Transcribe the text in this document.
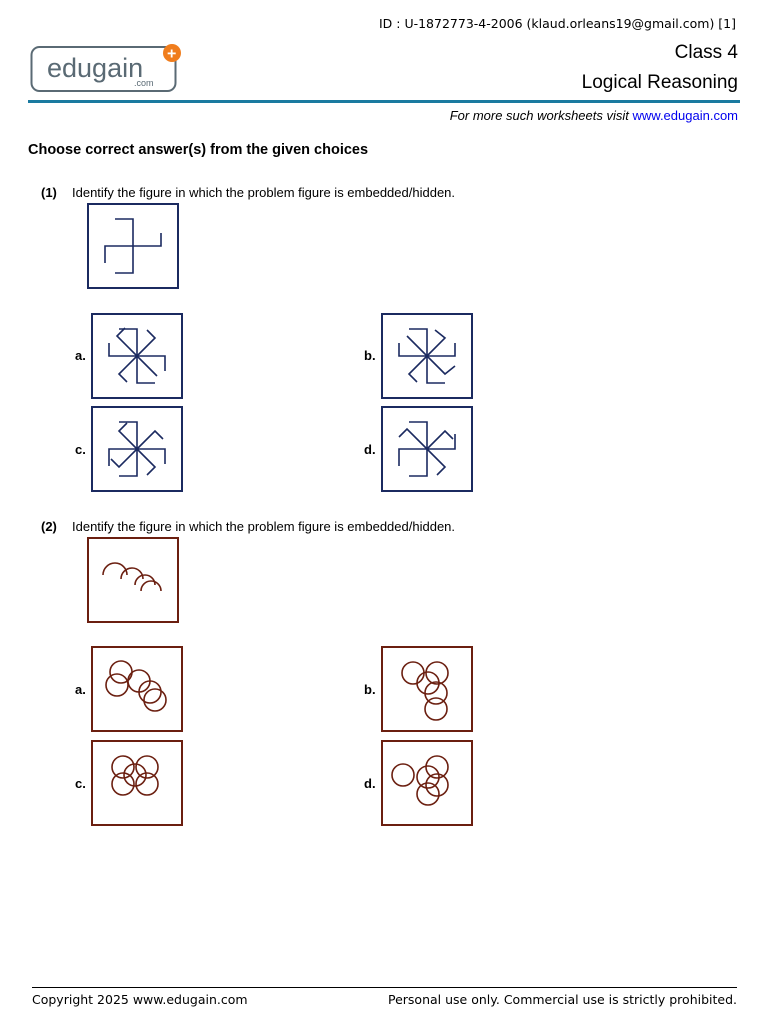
ID : U-1872773-4-2006 (klaud.orleans19@gmail.com) [1]
edugain
.com
+	Class 4
Logical Reasoning
For more such worksheets visit www.edugain.com
Choose correct answer(s) from the given choices
(1) Identify the figure in which the problem figure is embedded/hidden.
a.	b.
c.	d.
(2) Identify the figure in which the problem figure is embedded/hidden.
a.	b.
c.	d.
Copyright 2025 www.edugain.com	Personal use only. Commercial use is strictly prohibited.
